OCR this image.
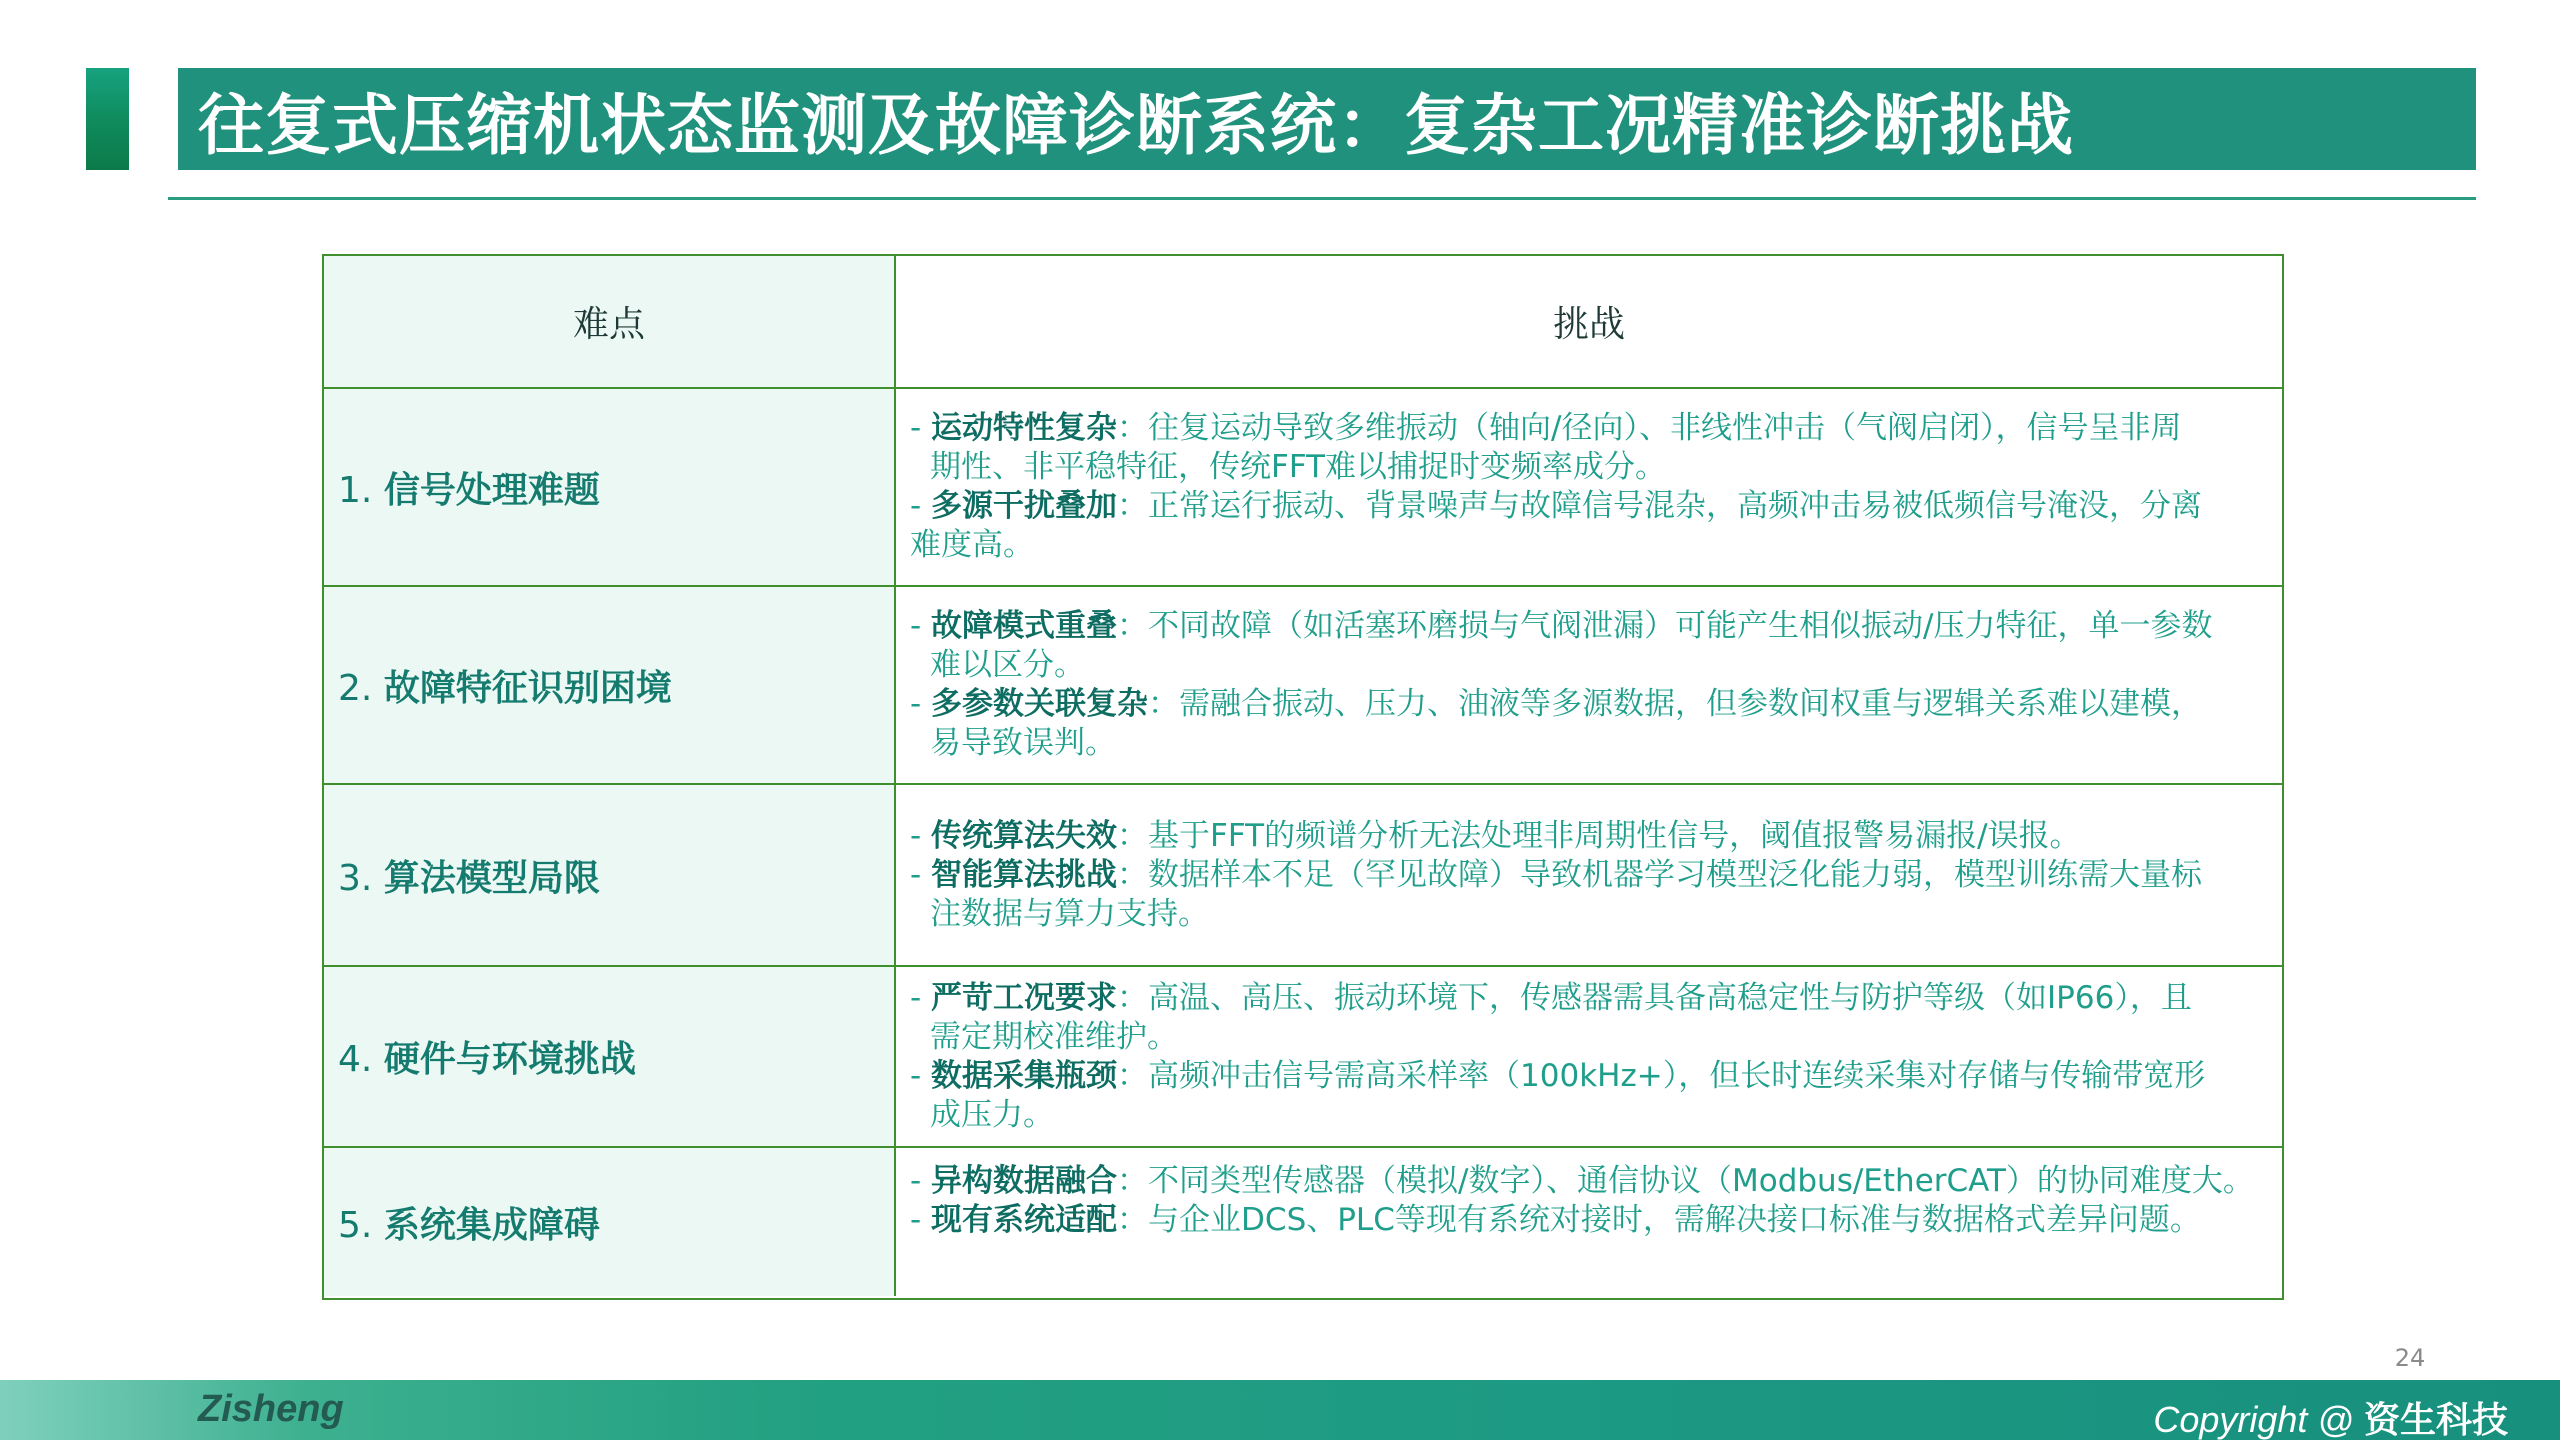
往复式压缩机状态监测及故障诊断系统：复杂工况精准诊断挑战
难点	挑战
1. 信号处理难题

- 运动特性复杂：往复运动导致多维振动（轴向/径向）、非线性冲击（气阀启闭），信号呈非周
期性、非平稳特征，传统FFT难以捕捉时变频率成分。

- 多源干扰叠加：正常运行振动、背景噪声与故障信号混杂，高频冲击易被低频信号淹没，分离
难度高。

2. 故障特征识别困境

- 故障模式重叠：不同故障（如活塞环磨损与气阀泄漏）可能产生相似振动/压力特征，单一参数
难以区分。

- 多参数关联复杂：需融合振动、压力、油液等多源数据，但参数间权重与逻辑关系难以建模，
易导致误判。

3. 算法模型局限

- 传统算法失效：基于FFT的频谱分析无法处理非周期性信号，阈值报警易漏报/误报。

- 智能算法挑战：数据样本不足（罕见故障）导致机器学习模型泛化能力弱，模型训练需大量标
注数据与算力支持。

4. 硬件与环境挑战

- 严苛工况要求：高温、高压、振动环境下，传感器需具备高稳定性与防护等级（如IP66），且
需定期校准维护。

- 数据采集瓶颈：高频冲击信号需高采样率（100kHz+），但长时连续采集对存储与传输带宽形
成压力。

5. 系统集成障碍

- 异构数据融合：不同类型传感器（模拟/数字）、通信协议（Modbus/EtherCAT）的协同难度大。

- 现有系统适配：与企业DCS、PLC等现有系统对接时，需解决接口标准与数据格式差异问题。

24
Zisheng	Copyright @ 资生科技
